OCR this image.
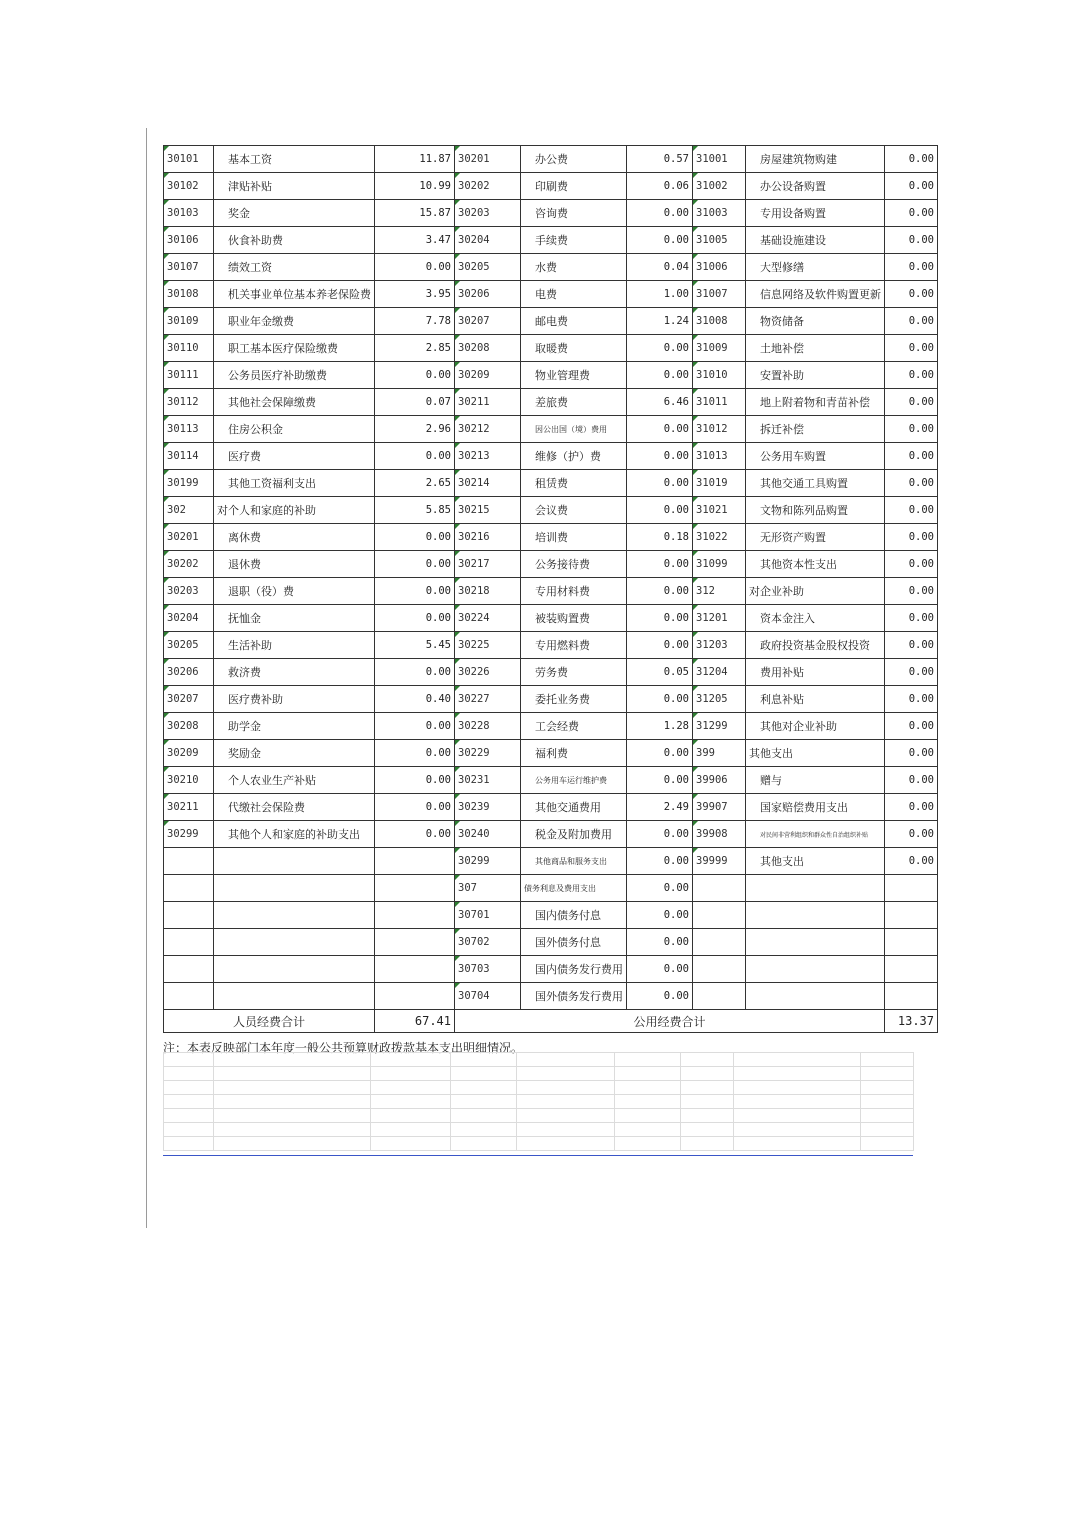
30101	基本工资	11.87	30201	办公费	0.57	31001	房屋建筑物购建	0.00
30102	津贴补贴	10.99	30202	印刷费	0.06	31002	办公设备购置	0.00
30103	奖金	15.87	30203	咨询费	0.00	31003	专用设备购置	0.00
30106	伙食补助费	3.47	30204	手续费	0.00	31005	基础设施建设	0.00
30107	绩效工资	0.00	30205	水费	0.04	31006	大型修缮	0.00
30108	机关事业单位基本养老保险费	3.95	30206	电费	1.00	31007	信息网络及软件购置更新	0.00
30109	职业年金缴费	7.78	30207	邮电费	1.24	31008	物资储备	0.00
30110	职工基本医疗保险缴费	2.85	30208	取暖费	0.00	31009	土地补偿	0.00
30111	公务员医疗补助缴费	0.00	30209	物业管理费	0.00	31010	安置补助	0.00
30112	其他社会保障缴费	0.07	30211	差旅费	6.46	31011	地上附着物和青苗补偿	0.00
30113	住房公积金	2.96	30212	因公出国（境）费用	0.00	31012	拆迁补偿	0.00
30114	医疗费	0.00	30213	维修（护）费	0.00	31013	公务用车购置	0.00
30199	其他工资福利支出	2.65	30214	租赁费	0.00	31019	其他交通工具购置	0.00
302	对个人和家庭的补助	5.85	30215	会议费	0.00	31021	文物和陈列品购置	0.00
30201	离休费	0.00	30216	培训费	0.18	31022	无形资产购置	0.00
30202	退休费	0.00	30217	公务接待费	0.00	31099	其他资本性支出	0.00
30203	退职（役）费	0.00	30218	专用材料费	0.00	312	对企业补助	0.00
30204	抚恤金	0.00	30224	被装购置费	0.00	31201	资本金注入	0.00
30205	生活补助	5.45	30225	专用燃料费	0.00	31203	政府投资基金股权投资	0.00
30206	救济费	0.00	30226	劳务费	0.05	31204	费用补贴	0.00
30207	医疗费补助	0.40	30227	委托业务费	0.00	31205	利息补贴	0.00
30208	助学金	0.00	30228	工会经费	1.28	31299	其他对企业补助	0.00
30209	奖励金	0.00	30229	福利费	0.00	399	其他支出	0.00
30210	个人农业生产补贴	0.00	30231	公务用车运行维护费	0.00	39906	赠与	0.00
30211	代缴社会保险费	0.00	30239	其他交通费用	2.49	39907	国家赔偿费用支出	0.00
30299	其他个人和家庭的补助支出	0.00	30240	税金及附加费用	0.00	39908	对民间非营利组织和群众性自治组织补贴	0.00
			30299	其他商品和服务支出	0.00	39999	其他支出	0.00
			307	债务利息及费用支出	0.00			
			30701	国内债务付息	0.00			
			30702	国外债务付息	0.00			
			30703	国内债务发行费用	0.00			
			30704	国外债务发行费用	0.00			
人员经费合计		67.41	公用经费合计					13.37
注：本表反映部门本年度一般公共预算财政拨款基本支出明细情况。
